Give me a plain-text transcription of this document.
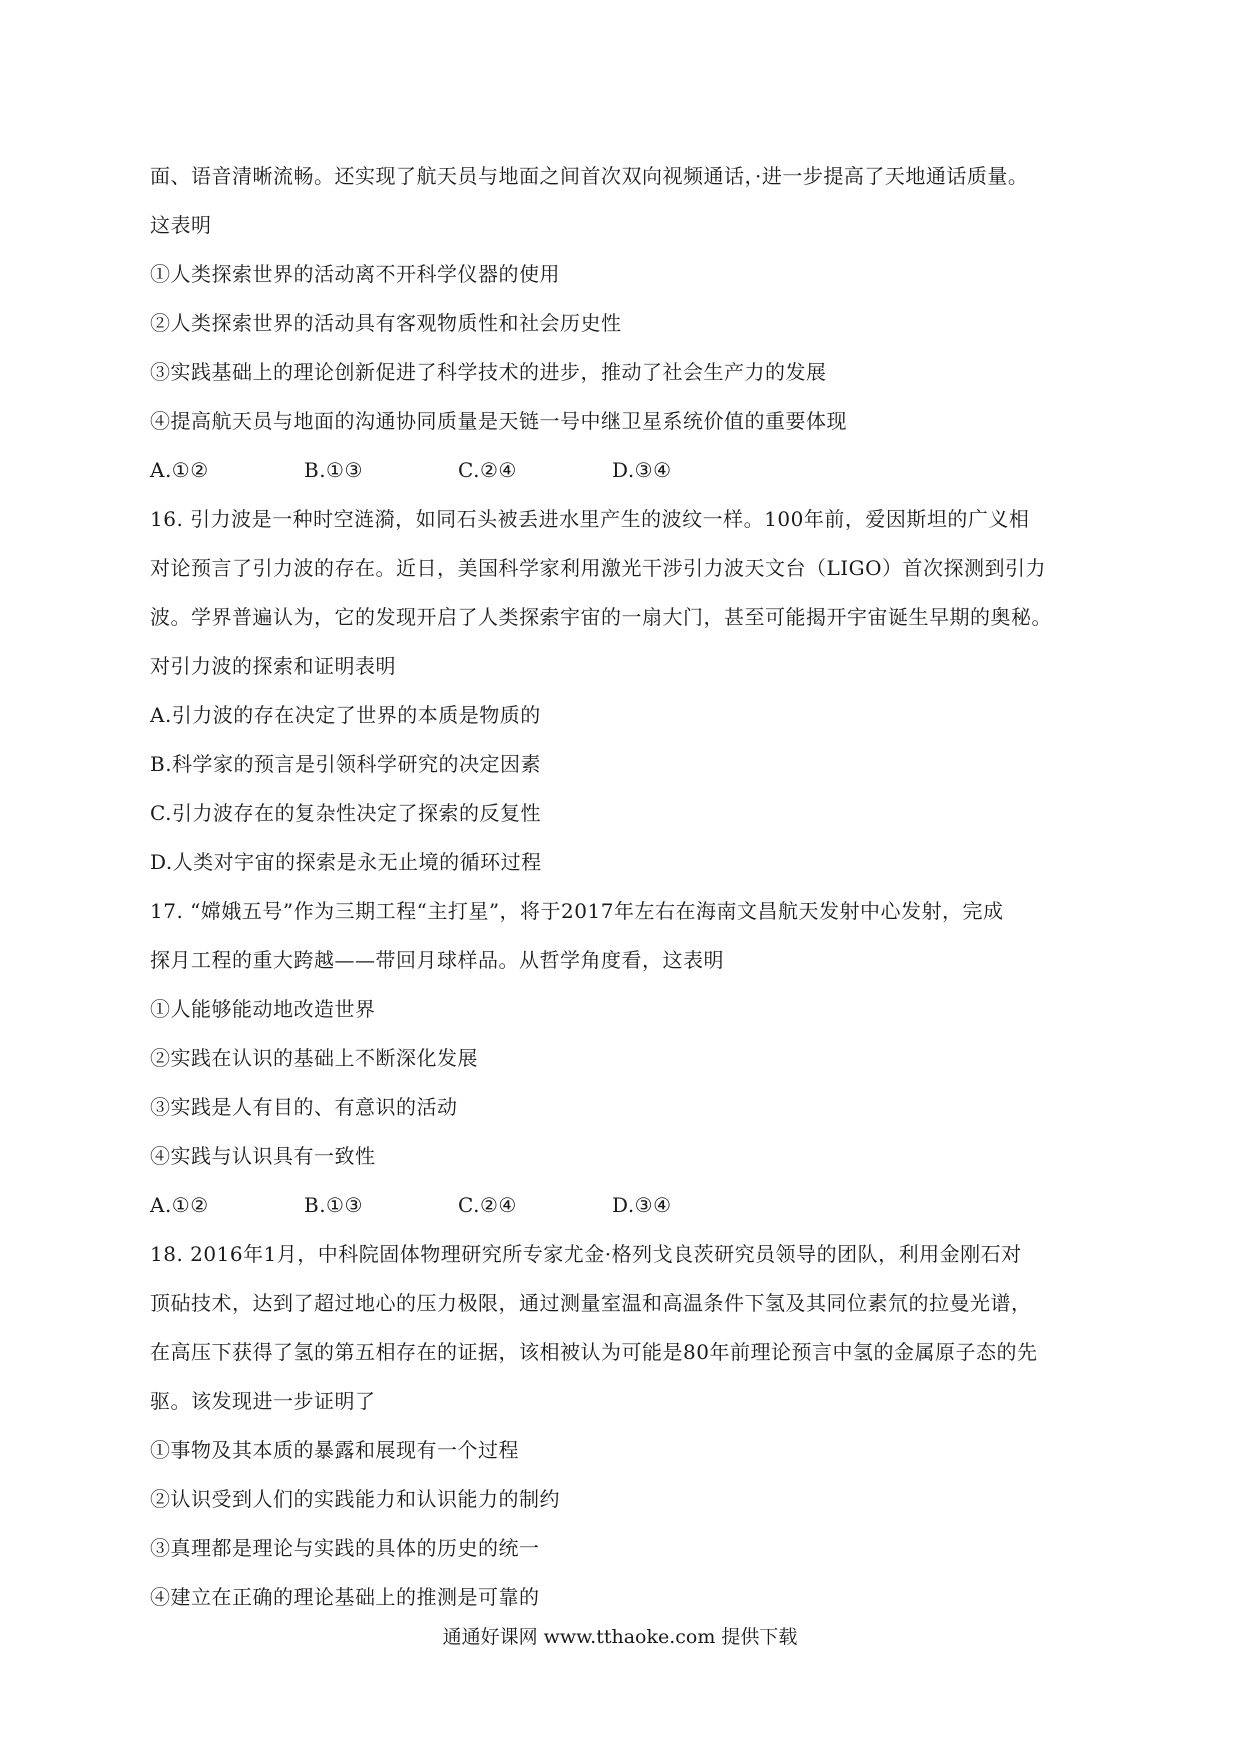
面、语音清晰流畅。还实现了航天员与地面之间首次双向视频通话，·进一步提高了天地通话质量。
这表明
①人类探索世界的活动离不开科学仪器的使用
②人类探索世界的活动具有客观物质性和社会历史性
③实践基础上的理论创新促进了科学技术的进步，推动了社会生产力的发展
④提高航天员与地面的沟通协同质量是天链一号中继卫星系统价值的重要体现
A.①②	B.①③	C.②④	D.③④
16. 引力波是一种时空涟漪，如同石头被丢进水里产生的波纹一样。100年前，爱因斯坦的广义相
对论预言了引力波的存在。近日，美国科学家利用激光干涉引力波天文台（LIGO）首次探测到引力
波。学界普遍认为，它的发现开启了人类探索宇宙的一扇大门，甚至可能揭开宇宙诞生早期的奥秘。
对引力波的探索和证明表明
A.引力波的存在决定了世界的本质是物质的
B.科学家的预言是引领科学研究的决定因素
C.引力波存在的复杂性决定了探索的反复性
D.人类对宇宙的探索是永无止境的循环过程
17. “嫦娥五号”作为三期工程“主打星”，将于2017年左右在海南文昌航天发射中心发射，完成
探月工程的重大跨越——带回月球样品。从哲学角度看，这表明
①人能够能动地改造世界
②实践在认识的基础上不断深化发展
③实践是人有目的、有意识的活动
④实践与认识具有一致性
A.①②	B.①③	C.②④	D.③④
18. 2016年1月，中科院固体物理研究所专家尤金·格列戈良茨研究员领导的团队，利用金刚石对
顶砧技术，达到了超过地心的压力极限，通过测量室温和高温条件下氢及其同位素氘的拉曼光谱，
在高压下获得了氢的第五相存在的证据，该相被认为可能是80年前理论预言中氢的金属原子态的先
驱。该发现进一步证明了
①事物及其本质的暴露和展现有一个过程
②认识受到人们的实践能力和认识能力的制约
③真理都是理论与实践的具体的历史的统一
④建立在正确的理论基础上的推测是可靠的
通通好课网 www.tthaoke.com 提供下载
